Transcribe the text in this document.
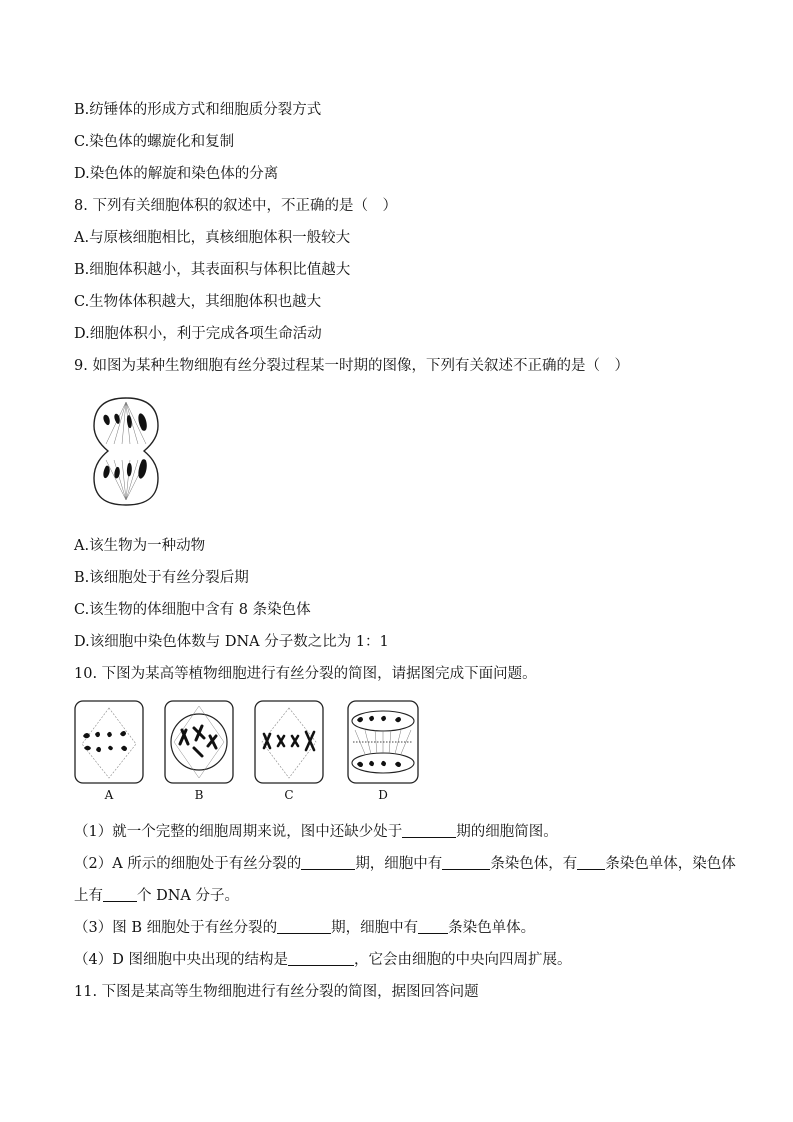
B.纺锤体的形成方式和细胞质分裂方式
C.染色体的螺旋化和复制
D.染色体的解旋和染色体的分离
8. 下列有关细胞体积的叙述中，不正确的是（　）
A.与原核细胞相比，真核细胞体积一般较大
B.细胞体积越小，其表面积与体积比值越大
C.生物体体积越大，其细胞体积也越大
D.细胞体积小，利于完成各项生命活动
9. 如图为某种生物细胞有丝分裂过程某一时期的图像，下列有关叙述不正确的是（　）
A.该生物为一种动物
B.该细胞处于有丝分裂后期
C.该生物的体细胞中含有 8 条染色体
D.该细胞中染色体数与 DNA 分子数之比为 1：1
10. 下图为某高等植物细胞进行有丝分裂的简图，请据图完成下面问题。
A	B	C	D
（1）就一个完整的细胞周期来说，图中还缺少处于	期的细胞简图。
（2）A 所示的细胞处于有丝分裂的	期，细胞中有	条染色体，有 条染色单体，染色体
上有 个 DNA 分子。
（3）图 B 细胞处于有丝分裂的	期，细胞中有 条染色单体。
（4）D 图细胞中央出现的结构是	，它会由细胞的中央向四周扩展。
11. 下图是某高等生物细胞进行有丝分裂的简图，据图回答问题
